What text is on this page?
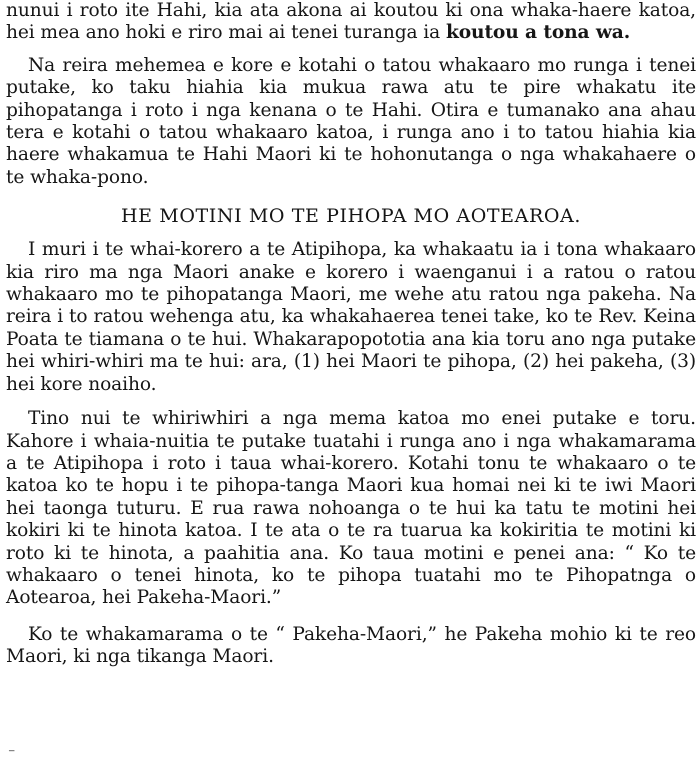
nunui i roto ite Hahi, kia ata akona ai koutou ki ona whaka-haere katoa, hei mea ano hoki e riro mai ai tenei turanga ia koutou a tona wa.

Na reira mehemea e kore e kotahi o tatou whakaaro mo runga i tenei putake, ko taku hiahia kia mukua rawa atu te pire whakatu ite pihopatanga i roto i nga kenana o te Hahi. Otira e tumanako ana ahau tera e kotahi o tatou whakaaro katoa, i runga ano i to tatou hiahia kia haere whakamua te Hahi Maori ki te hohonutanga o nga whakahaere o te whaka-pono.

HE MOTINI MO TE PIHOPA MO AOTEAROA.

I muri i te whai-korero a te Atipihopa, ka whakaatu ia i tona whakaaro kia riro ma nga Maori anake e korero i waenganui i a ratou o ratou whakaaro mo te pihopatanga Maori, me wehe atu ratou nga pakeha. Na reira i to ratou wehenga atu, ka whakahaerea tenei take, ko te Rev. Keina Poata te tiamana o te hui. Whakarapopototia ana kia toru ano nga putake hei whiri-whiri ma te hui: ara, (1) hei Maori te pihopa, (2) hei pakeha, (3) hei kore noaiho.

Tino nui te whiriwhiri a nga mema katoa mo enei putake e toru. Kahore i whaia-nuitia te putake tuatahi i runga ano i nga whakamarama a te Atipihopa i roto i taua whai-korero. Kotahi tonu te whakaaro o te katoa ko te hopu i te pihopa-tanga Maori kua homai nei ki te iwi Maori hei taonga tuturu. E rua rawa nohoanga o te hui ka tatu te motini hei kokiri ki te hinota katoa. I te ata o te ra tuarua ka kokiritia te motini ki roto ki te hinota, a paahitia ana. Ko taua motini e penei ana: “ Ko te whakaaro o tenei hinota, ko te pihopa tuatahi mo te Pihopatnga o Aotearoa, hei Pakeha-Maori.”

Ko te whakamarama o te “ Pakeha-Maori,” he Pakeha mohio ki te reo Maori, ki nga tikanga Maori.

⁻
